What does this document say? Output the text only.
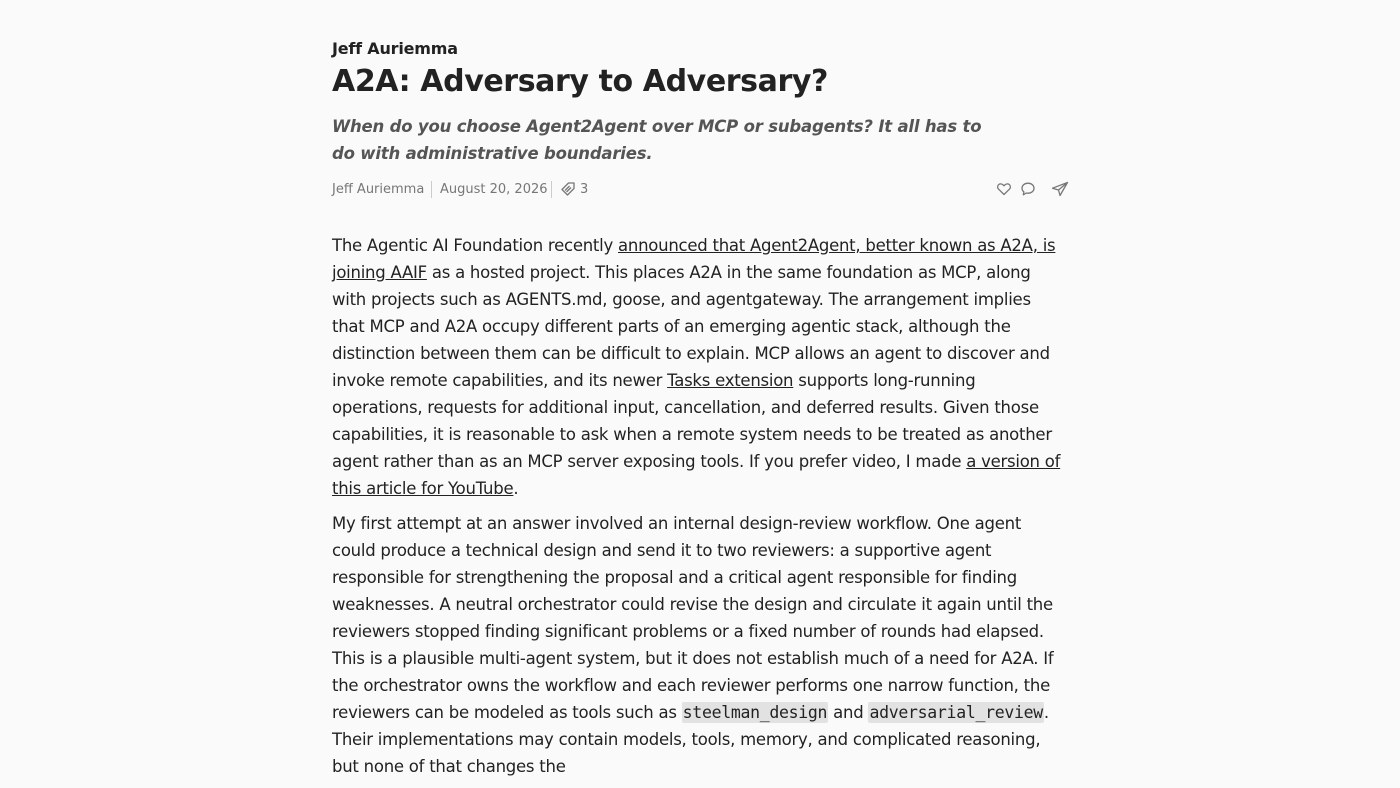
Jeff Auriemma
A2A: Adversary to Adversary?
When do you choose Agent2Agent over MCP or subagents? It all has to do with administrative boundaries.
Jeff Auriemma August 20, 2026 3

The Agentic AI Foundation recently announced that Agent2Agent, better known as A2A, is joining AAIF as a hosted project. This places A2A in the same foundation as MCP, along with projects such as AGENTS.md, goose, and agentgateway. The arrangement implies that MCP and A2A occupy different parts of an emerging agentic stack, although the distinction between them can be difficult to explain. MCP allows an agent to discover and invoke remote capabilities, and its newer Tasks extension supports long-running operations, requests for additional input, cancellation, and deferred results. Given those capabilities, it is reasonable to ask when a remote system needs to be treated as another agent rather than as an MCP server exposing tools. If you prefer video, I made a version of this article for YouTube.

My first attempt at an answer involved an internal design-review workflow. One agent could produce a technical design and send it to two reviewers: a supportive agent responsible for strengthening the proposal and a critical agent responsible for finding weaknesses. A neutral orchestrator could revise the design and circulate it again until the reviewers stopped finding significant problems or a fixed number of rounds had elapsed. This is a plausible multi-agent system, but it does not establish much of a need for A2A. If the orchestrator owns the workflow and each reviewer performs one narrow function, the reviewers can be modeled as tools such as steelman_design and adversarial_review. Their implementations may contain models, tools, memory, and complicated reasoning, but none of that changes the
